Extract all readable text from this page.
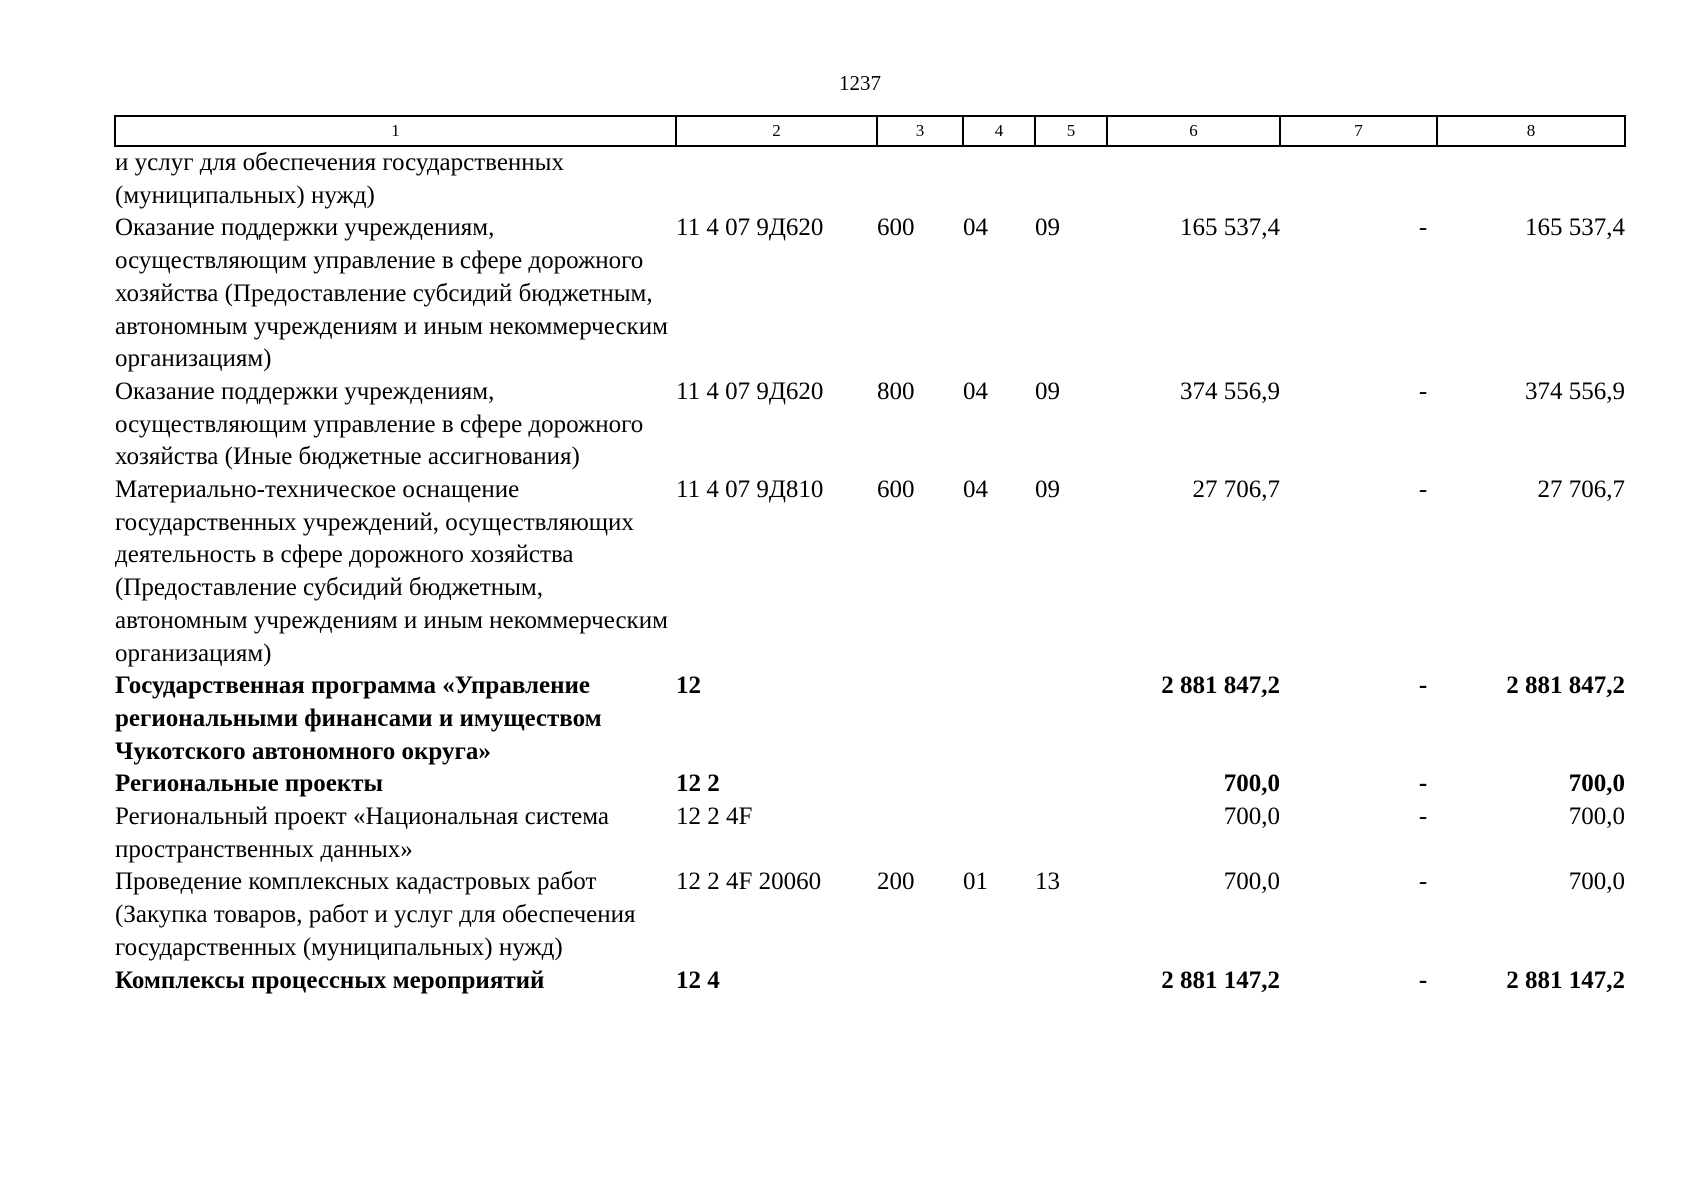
1237
1	2	3	4	5	6	7	8
и услуг для обеспечения государственных (муниципальных) нужд)							
Оказание поддержки учреждениям, осуществляющим управление в сфере дорожного хозяйства (Предоставление субсидий бюджетным, автономным учреждениям и иным некоммерческим организациям)	11 4 07 9Д620	600	04	09	165 537,4	-	165 537,4
Оказание поддержки учреждениям, осуществляющим управление в сфере дорожного хозяйства (Иные бюджетные ассигнования)	11 4 07 9Д620	800	04	09	374 556,9	-	374 556,9
Материально-техническое оснащение государственных учреждений, осуществляющих деятельность в сфере дорожного хозяйства (Предоставление субсидий бюджетным, автономным учреждениям и иным некоммерческим организациям)	11 4 07 9Д810	600	04	09	27 706,7	-	27 706,7
Государственная программа «Управление региональными финансами и имуществом Чукотского автономного округа»	12				2 881 847,2	-	2 881 847,2
Региональные проекты	12 2				700,0	-	700,0
Региональный проект «Национальная система пространственных данных»	12 2 4F				700,0	-	700,0
Проведение комплексных кадастровых работ (Закупка товаров, работ и услуг для обеспечения государственных (муниципальных) нужд)	12 2 4F 20060	200	01	13	700,0	-	700,0
Комплексы процессных мероприятий	12 4				2 881 147,2	-	2 881 147,2
